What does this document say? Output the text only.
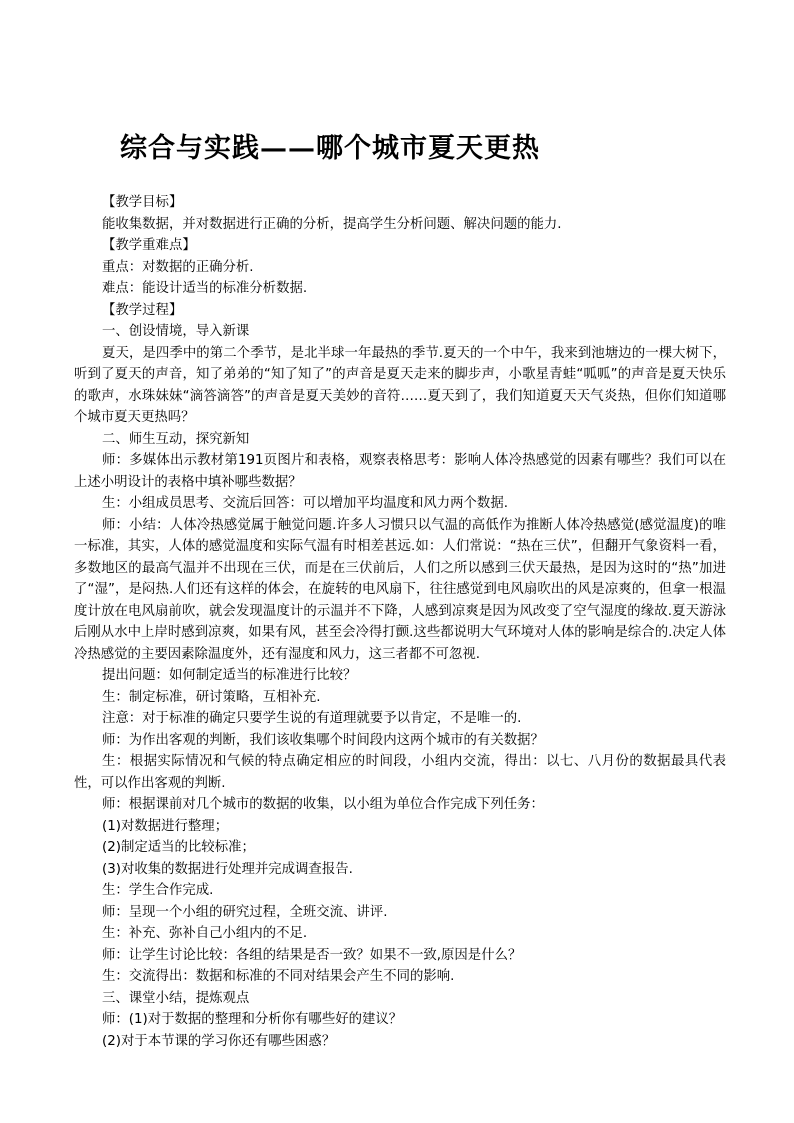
综合与实践——哪个城市夏天更热

【教学目标】

能收集数据，并对数据进行正确的分析，提高学生分析问题、解决问题的能力.

【教学重难点】

重点：对数据的正确分析.

难点：能设计适当的标准分析数据.

【教学过程】

一、创设情境，导入新课

夏天，是四季中的第二个季节，是北半球一年最热的季节.夏天的一个中午，我来到池塘边的一棵大树下，听到了夏天的声音，知了弟弟的“知了知了”的声音是夏天走来的脚步声，小歌星青蛙“呱呱”的声音是夏天快乐的歌声，水珠妹妹“滴答滴答”的声音是夏天美妙的音符……夏天到了，我们知道夏天天气炎热，但你们知道哪个城市夏天更热吗？

二、师生互动，探究新知

师：多媒体出示教材第191页图片和表格，观察表格思考：影响人体冷热感觉的因素有哪些？我们可以在上述小明设计的表格中填补哪些数据？

生：小组成员思考、交流后回答：可以增加平均温度和风力两个数据.

师：小结：人体冷热感觉属于触觉问题.许多人习惯只以气温的高低作为推断人体冷热感觉(感觉温度)的唯一标准，其实，人体的感觉温度和实际气温有时相差甚远.如：人们常说：“热在三伏”，但翻开气象资料一看，多数地区的最高气温并不出现在三伏，而是在三伏前后，人们之所以感到三伏天最热，是因为这时的“热”加进了“湿”，是闷热.人们还有这样的体会，在旋转的电风扇下，往往感觉到电风扇吹出的风是凉爽的，但拿一根温度计放在电风扇前吹，就会发现温度计的示温并不下降，人感到凉爽是因为风改变了空气湿度的缘故.夏天游泳后刚从水中上岸时感到凉爽，如果有风，甚至会冷得打颤.这些都说明大气环境对人体的影响是综合的.决定人体冷热感觉的主要因素除温度外，还有湿度和风力，这三者都不可忽视.

提出问题：如何制定适当的标准进行比较？

生：制定标准，研讨策略，互相补充.

注意：对于标准的确定只要学生说的有道理就要予以肯定，不是唯一的.

师：为作出客观的判断，我们该收集哪个时间段内这两个城市的有关数据？

生：根据实际情况和气候的特点确定相应的时间段，小组内交流，得出：以七、八月份的数据最具代表性，可以作出客观的判断.

师：根据课前对几个城市的数据的收集，以小组为单位合作完成下列任务：

(1)对数据进行整理；

(2)制定适当的比较标准；

(3)对收集的数据进行处理并完成调查报告.

生：学生合作完成.

师：呈现一个小组的研究过程，全班交流、讲评.

生：补充、弥补自己小组内的不足.

师：让学生讨论比较：各组的结果是否一致？如果不一致,原因是什么？

生：交流得出：数据和标准的不同对结果会产生不同的影响.

三、课堂小结，提炼观点

师：(1)对于数据的整理和分析你有哪些好的建议？

(2)对于本节课的学习你还有哪些困惑？
